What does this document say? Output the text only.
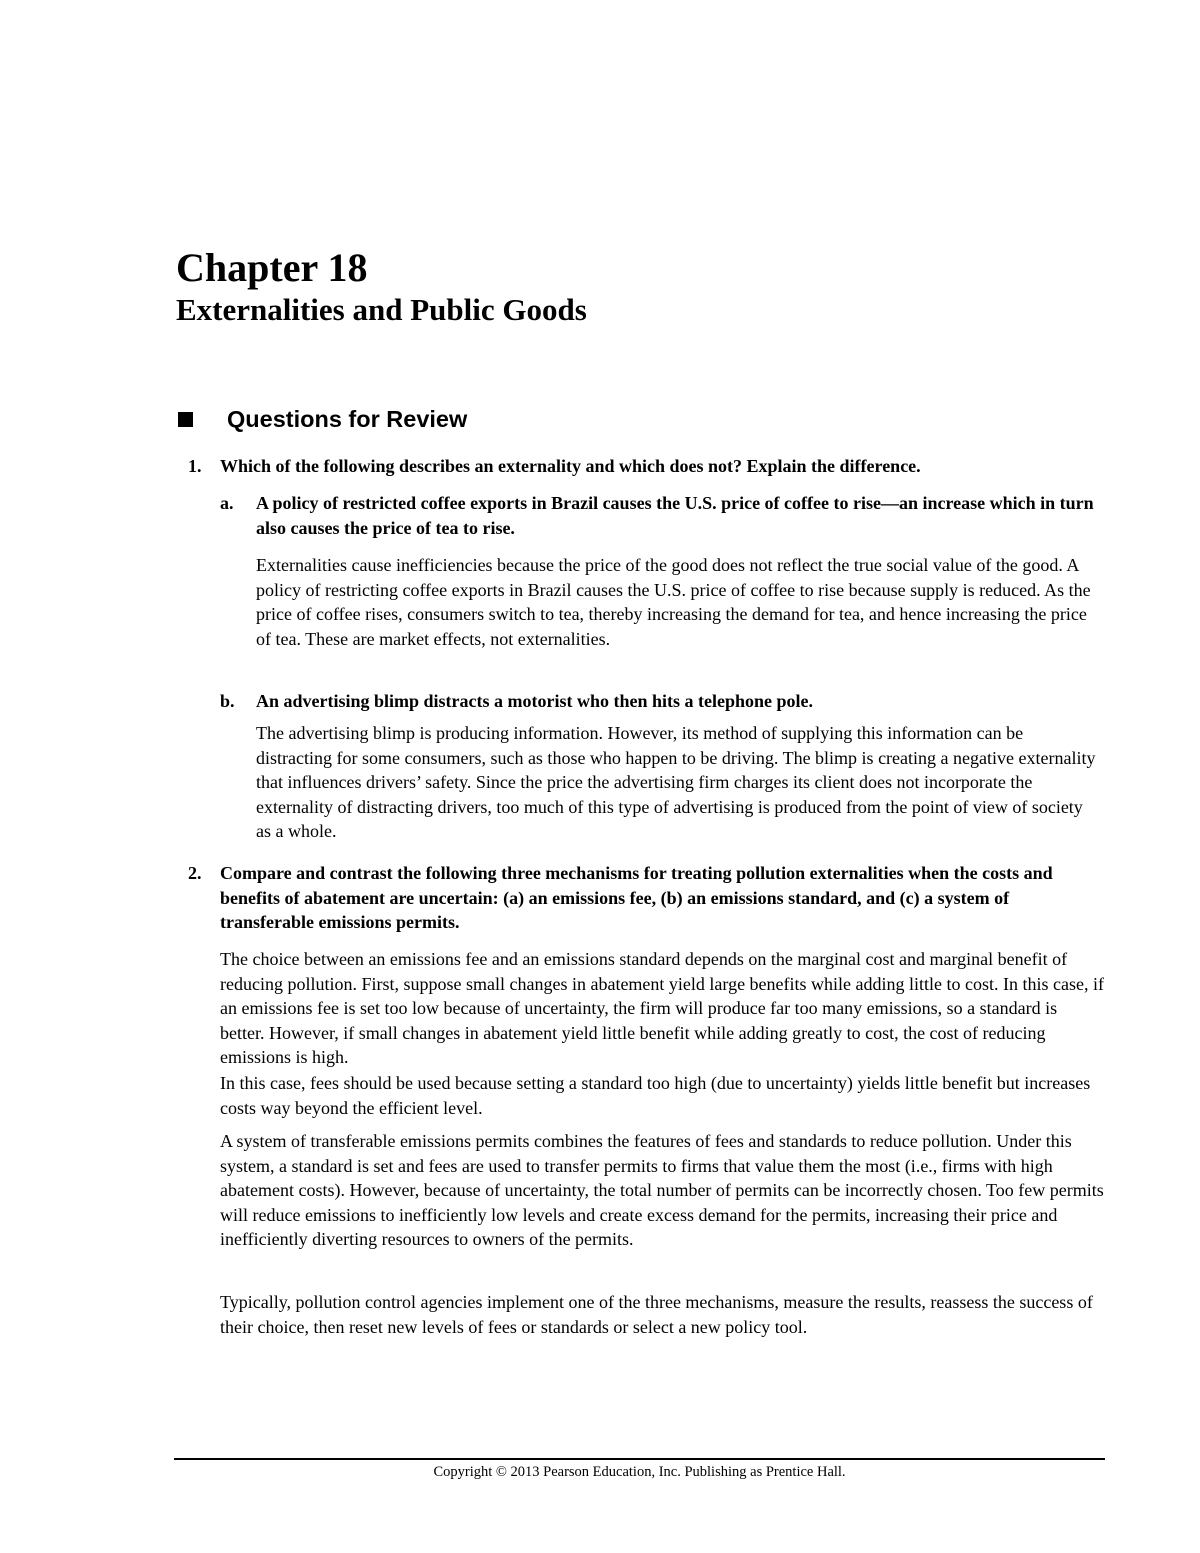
Chapter 18
Externalities and Public Goods
Questions for Review

1. Which of the following describes an externality and which does not? Explain the difference.

a. A policy of restricted coffee exports in Brazil causes the U.S. price of coffee to rise—an increase which in turn also causes the price of tea to rise.

Externalities cause inefficiencies because the price of the good does not reflect the true social value of the good. A policy of restricting coffee exports in Brazil causes the U.S. price of coffee to rise because supply is reduced. As the price of coffee rises, consumers switch to tea, thereby increasing the demand for tea, and hence increasing the price of tea. These are market effects, not externalities.

b. An advertising blimp distracts a motorist who then hits a telephone pole.

The advertising blimp is producing information. However, its method of supplying this information can be distracting for some consumers, such as those who happen to be driving. The blimp is creating a negative externality that influences drivers’ safety. Since the price the advertising firm charges its client does not incorporate the externality of distracting drivers, too much of this type of advertising is produced from the point of view of society as a whole.

2. Compare and contrast the following three mechanisms for treating pollution externalities when the costs and benefits of abatement are uncertain: (a) an emissions fee, (b) an emissions standard, and (c) a system of transferable emissions permits.

The choice between an emissions fee and an emissions standard depends on the marginal cost and marginal benefit of reducing pollution. First, suppose small changes in abatement yield large benefits while adding little to cost. In this case, if an emissions fee is set too low because of uncertainty, the firm will produce far too many emissions, so a standard is better. However, if small changes in abatement yield little benefit while adding greatly to cost, the cost of reducing emissions is high.

In this case, fees should be used because setting a standard too high (due to uncertainty) yields little benefit but increases costs way beyond the efficient level.

A system of transferable emissions permits combines the features of fees and standards to reduce pollution. Under this system, a standard is set and fees are used to transfer permits to firms that value them the most (i.e., firms with high abatement costs). However, because of uncertainty, the total number of permits can be incorrectly chosen. Too few permits will reduce emissions to inefficiently low levels and create excess demand for the permits, increasing their price and inefficiently diverting resources to owners of the permits.

Typically, pollution control agencies implement one of the three mechanisms, measure the results, reassess the success of their choice, then reset new levels of fees or standards or select a new policy tool.

Copyright © 2013 Pearson Education, Inc. Publishing as Prentice Hall.
